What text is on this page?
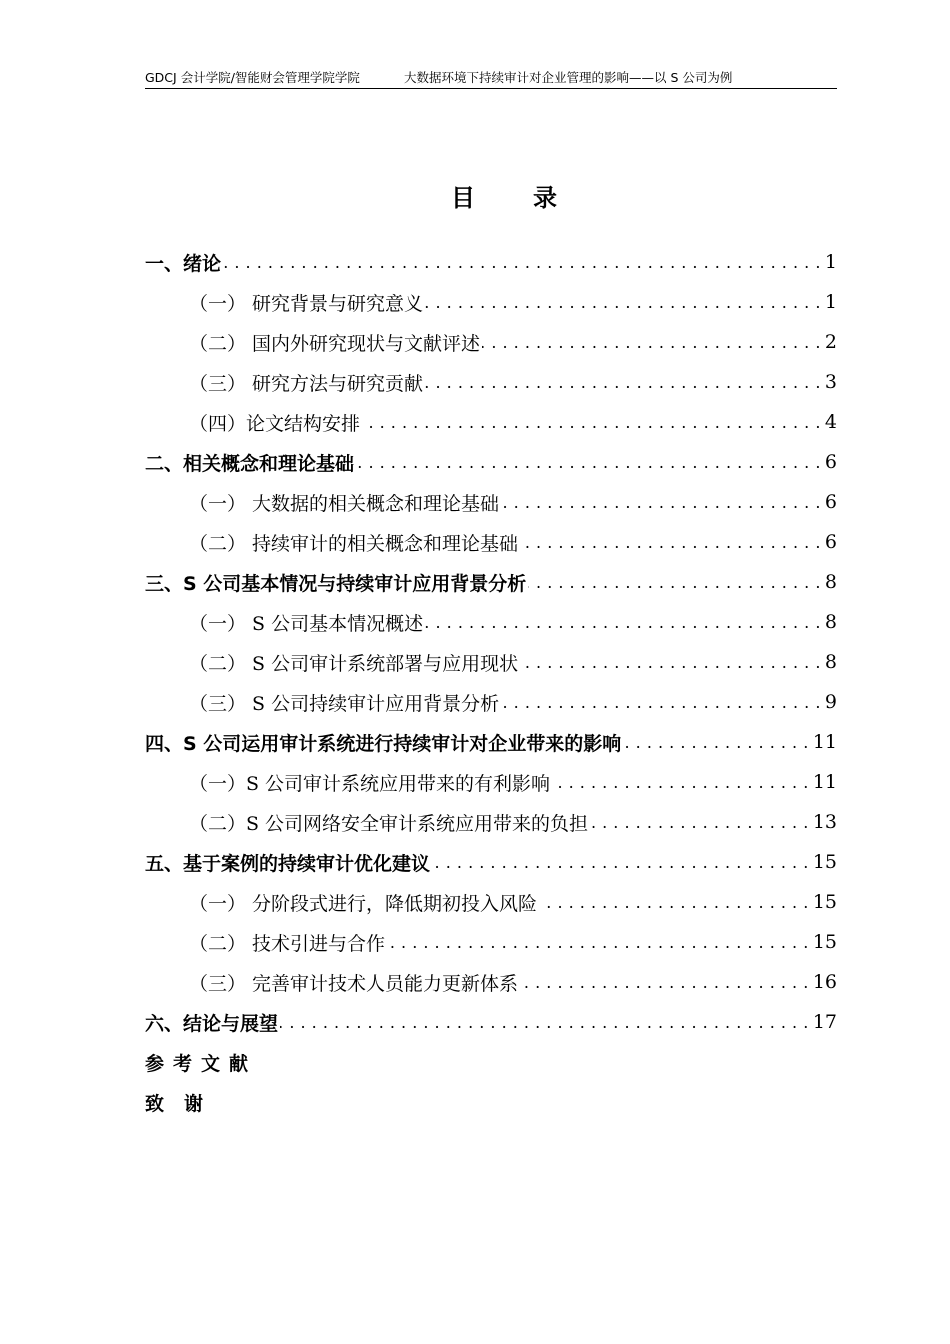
GDCJ 会计学院/智能财会管理学院学院	大数据环境下持续审计对企业管理的影响——以 S 公司为例
目录
一、绪论 . . .	1
（一） 研究背景与研究意义 . . .	1
（二） 国内外研究现状与文献评述 . . .	2
（三） 研究方法与研究贡献 . . .	3
（四）论文结构安排 . . .	4
二、相关概念和理论基础 . . .	6
（一） 大数据的相关概念和理论基础 . . .	6
（二） 持续审计的相关概念和理论基础 . . .	6
三、S 公司基本情况与持续审计应用背景分析 . . .	8
（一） S 公司基本情况概述 . . .	8
（二） S 公司审计系统部署与应用现状 . . .	8
（三） S 公司持续审计应用背景分析 . . .	9
四、S 公司运用审计系统进行持续审计对企业带来的影响 . . .	11
（一）S 公司审计系统应用带来的有利影响 . . .	11
（二）S 公司网络安全审计系统应用带来的负担 . . .	13
五、基于案例的持续审计优化建议 . . .	15
（一） 分阶段式进行，降低期初投入风险 . . .	15
（二） 技术引进与合作 . . .	15
（三） 完善审计技术人员能力更新体系 . . .	16
六、结论与展望 . . .	17
参考文献
致谢
